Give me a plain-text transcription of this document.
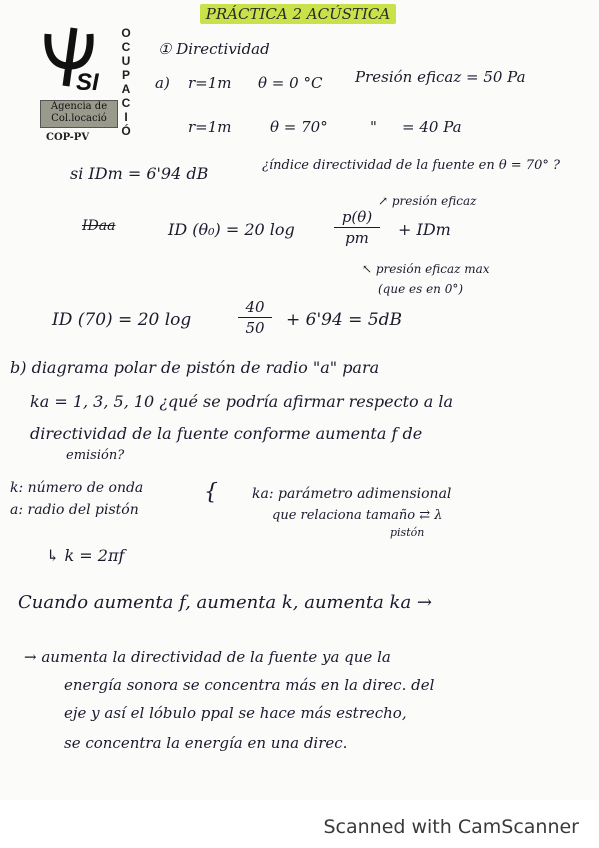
PRÁCTICA 2 ACÚSTICA
SI
O
C
U
P
A
C
I
Ó
Agencia de
Col.locació
COP-PV
① Directividad
a) r=1m θ = 0 °C Presión eficaz = 50 Pa
r=1m	θ = 70°	" = 40 Pa
si IDm = 6'94 dB	¿índice directividad de la fuente en θ = 70° ?
↗ presión eficaz
IDaa	ID (θ₀) = 20 log
p(θ)
pm	+ IDm
↖ presión eficaz max
(que es en 0°)
ID (70) = 20 log
40
50	+ 6'94 = 5dB
b) diagrama polar de pistón de radio "a" para
ka = 1, 3, 5, 10 ¿qué se podría afirmar respecto a la
directividad de la fuente conforme aumenta f de
emisión?
k: número de onda
a: radio del pistón
{ ka: parámetro adimensional
que relaciona tamaño ⇄ λ
pistón
↳ k = 2πf
Cuando aumenta f, aumenta k, aumenta ka →
→ aumenta la directividad de la fuente ya que la
energía sonora se concentra más en la direc. del
eje y así el lóbulo ppal se hace más estrecho,
se concentra la energía en una direc.
Scanned with CamScanner
